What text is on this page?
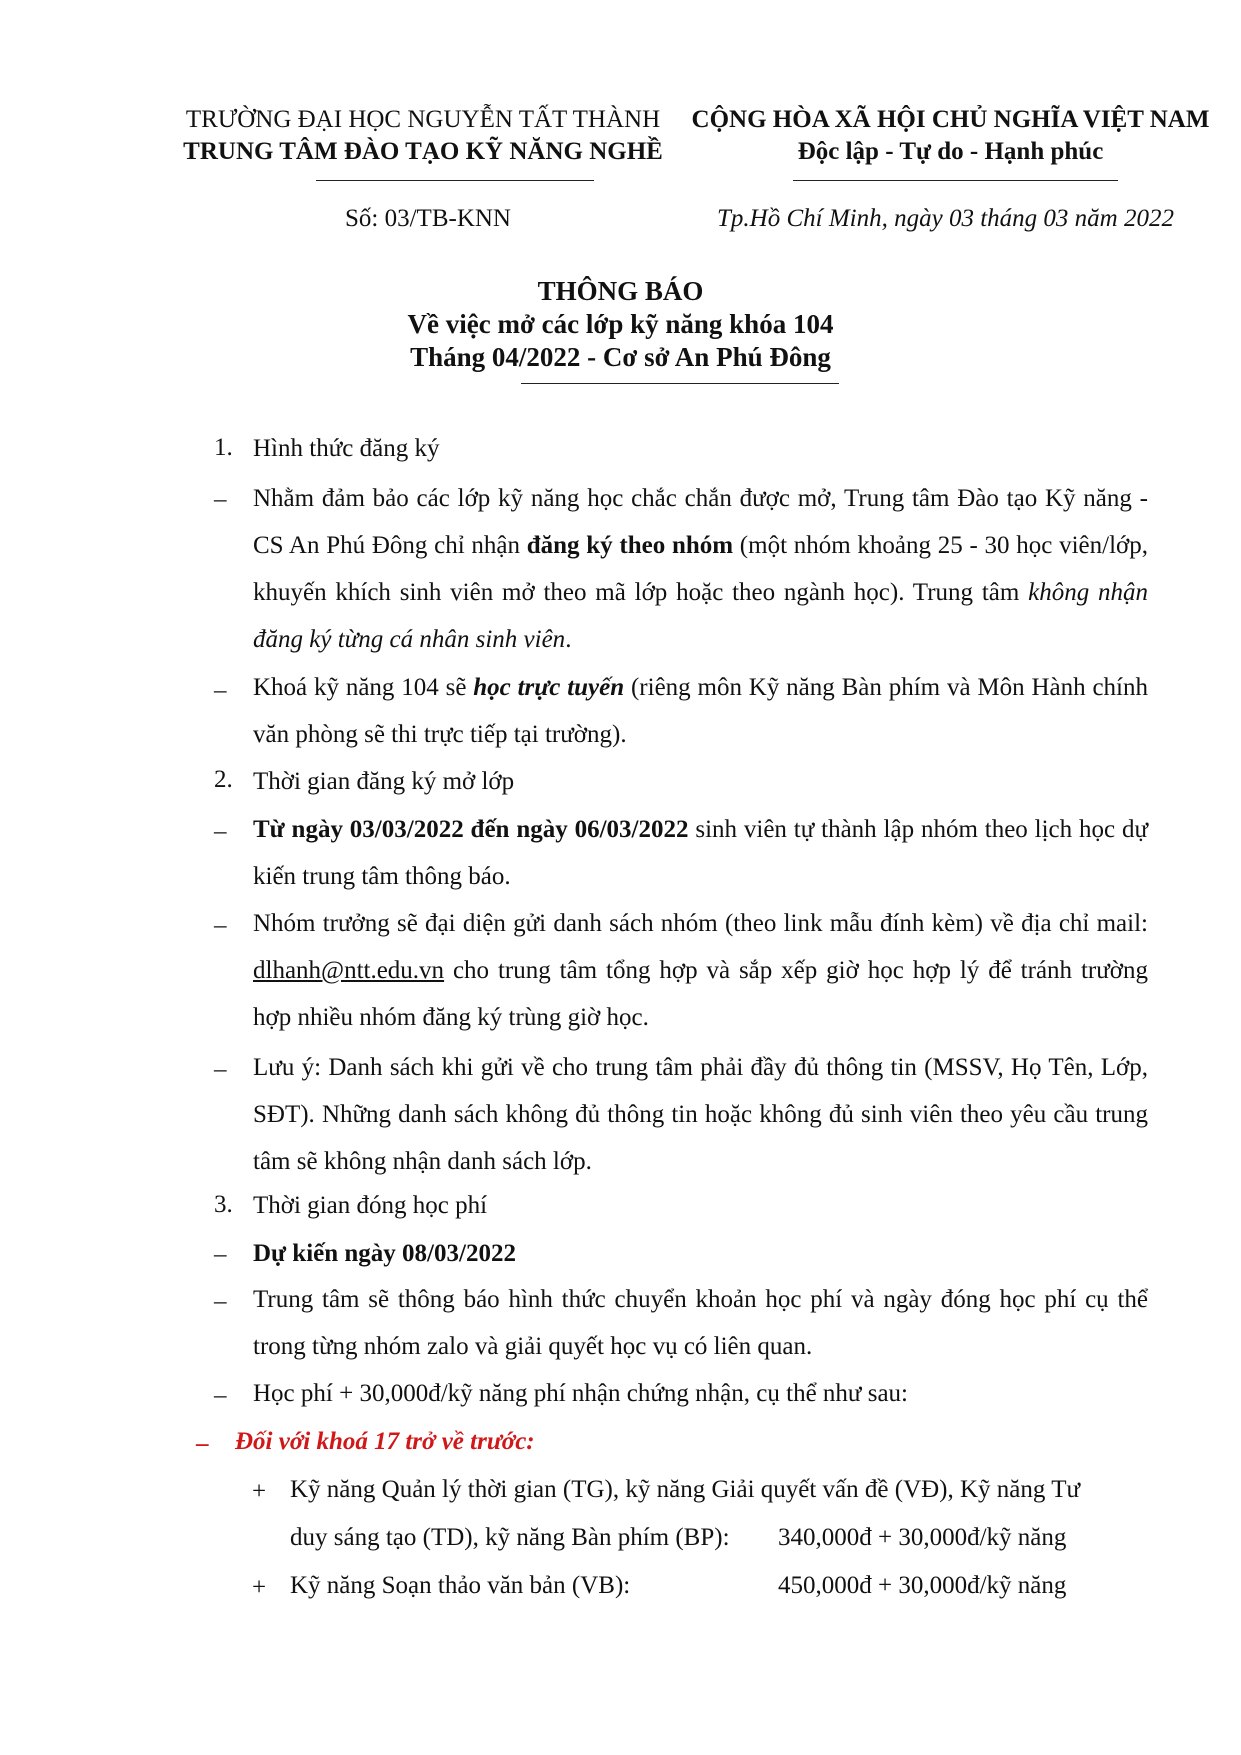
TRƯỜNG ĐẠI HỌC NGUYỄN TẤT THÀNH
TRUNG TÂM ĐÀO TẠO KỸ NĂNG NGHỀ
CỘNG HÒA XÃ HỘI CHỦ NGHĨA VIỆT NAM
Độc lập - Tự do - Hạnh phúc
Số: 03/TB-KNN	Tp.Hồ Chí Minh, ngày 03 tháng 03 năm 2022
THÔNG BÁO
Về việc mở các lớp kỹ năng khóa 104
Tháng 04/2022 - Cơ sở An Phú Đông
1. Hình thức đăng ký
– Nhằm đảm bảo các lớp kỹ năng học chắc chắn được mở, Trung tâm Đào tạo Kỹ năng - CS An Phú Đông chỉ nhận đăng ký theo nhóm (một nhóm khoảng 25 - 30 học viên/lớp, khuyến khích sinh viên mở theo mã lớp hoặc theo ngành học). Trung tâm không nhận đăng ký từng cá nhân sinh viên.
– Khoá kỹ năng 104 sẽ học trực tuyến (riêng môn Kỹ năng Bàn phím và Môn Hành chính văn phòng sẽ thi trực tiếp tại trường).
2. Thời gian đăng ký mở lớp
– Từ ngày 03/03/2022 đến ngày 06/03/2022 sinh viên tự thành lập nhóm theo lịch học dự kiến trung tâm thông báo.
– Nhóm trưởng sẽ đại diện gửi danh sách nhóm (theo link mẫu đính kèm) về địa chỉ mail: dlhanh@ntt.edu.vn cho trung tâm tổng hợp và sắp xếp giờ học hợp lý để tránh trường hợp nhiều nhóm đăng ký trùng giờ học.
– Lưu ý: Danh sách khi gửi về cho trung tâm phải đầy đủ thông tin (MSSV, Họ Tên, Lớp, SĐT). Những danh sách không đủ thông tin hoặc không đủ sinh viên theo yêu cầu trung tâm sẽ không nhận danh sách lớp.
3. Thời gian đóng học phí
– Dự kiến ngày 08/03/2022
– Trung tâm sẽ thông báo hình thức chuyển khoản học phí và ngày đóng học phí cụ thể trong từng nhóm zalo và giải quyết học vụ có liên quan.
– Học phí + 30,000đ/kỹ năng phí nhận chứng nhận, cụ thể như sau:
– Đối với khoá 17 trở về trước:
+ Kỹ năng Quản lý thời gian (TG), kỹ năng Giải quyết vấn đề (VĐ), Kỹ năng Tư
duy sáng tạo (TD), kỹ năng Bàn phím (BP): 340,000đ + 30,000đ/kỹ năng
+ Kỹ năng Soạn thảo văn bản (VB):	450,000đ + 30,000đ/kỹ năng
